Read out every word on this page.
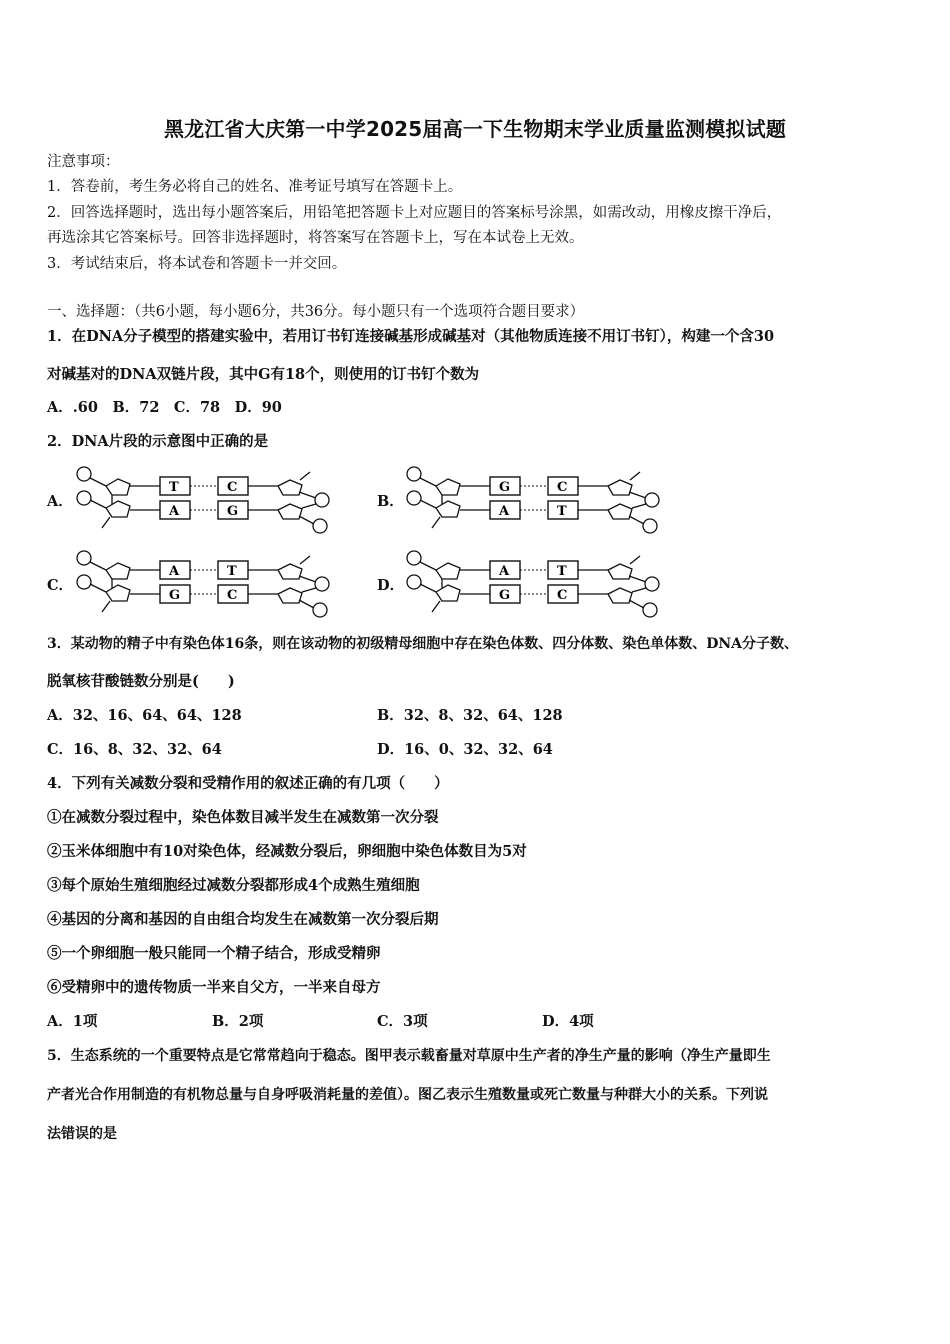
黑龙江省大庆第一中学2025届高一下生物期末学业质量监测模拟试题
注意事项：
1．答卷前，考生务必将自己的姓名、准考证号填写在答题卡上。
2．回答选择题时，选出每小题答案后，用铅笔把答题卡上对应题目的答案标号涂黑，如需改动，用橡皮擦干净后，
再选涂其它答案标号。回答非选择题时，将答案写在答题卡上，写在本试卷上无效。
3．考试结束后，将本试卷和答题卡一并交回。
一、选择题：（共6小题，每小题6分，共36分。每小题只有一个选项符合题目要求）
1．在DNA分子模型的搭建实验中，若用订书钉连接碱基形成碱基对（其他物质连接不用订书钉），构建一个含30
对碱基对的DNA双链片段，其中G有18个，则使用的订书钉个数为
A．.60　B．72　C．78　D．90
2．DNA片段的示意图中正确的是
A．
T	C
A	G
B．
G	C
A	T
C．
A	T
G	C
D．
A	T
G	C
3．某动物的精子中有染色体16条，则在该动物的初级精母细胞中存在染色体数、四分体数、染色单体数、DNA分子数、
脱氧核苷酸链数分别是(　　)
A．32、16、64、64、128	B．32、8、32、64、128
C．16、8、32、32、64	D．16、0、32、32、64
4．下列有关减数分裂和受精作用的叙述正确的有几项（　　）
①在减数分裂过程中，染色体数目减半发生在减数第一次分裂
②玉米体细胞中有10对染色体，经减数分裂后，卵细胞中染色体数目为5对
③每个原始生殖细胞经过减数分裂都形成4个成熟生殖细胞
④基因的分离和基因的自由组合均发生在减数第一次分裂后期
⑤一个卵细胞一般只能同一个精子结合，形成受精卵
⑥受精卵中的遗传物质一半来自父方，一半来自母方
A．1项	B．2项	C．3项	D．4项
5．生态系统的一个重要特点是它常常趋向于稳态。图甲表示载畜量对草原中生产者的净生产量的影响（净生产量即生
产者光合作用制造的有机物总量与自身呼吸消耗量的差值）。图乙表示生殖数量或死亡数量与种群大小的关系。下列说
法错误的是
